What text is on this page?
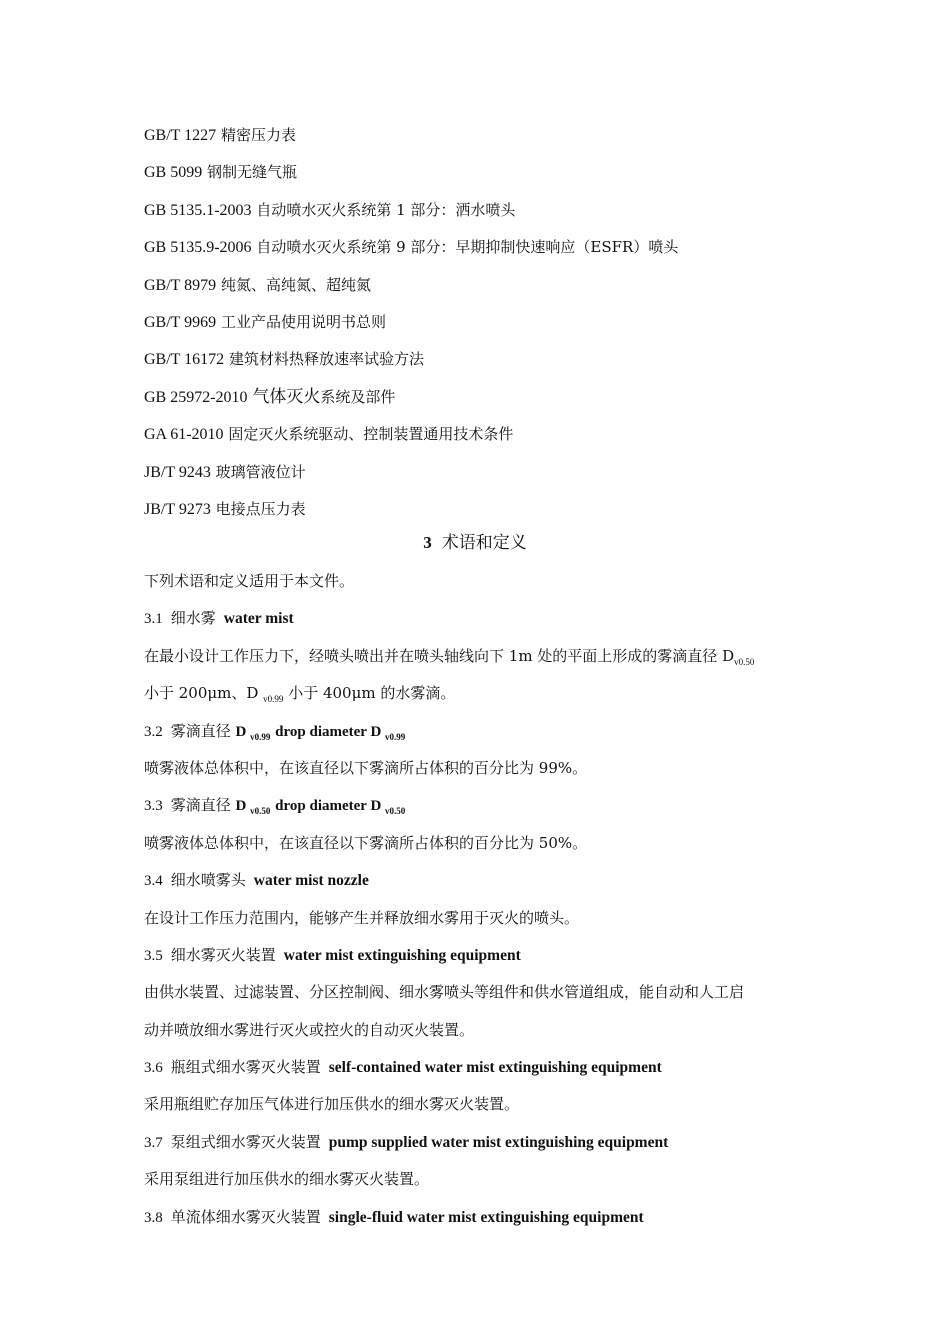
GB/T 1227 精密压力表
GB 5099 钢制无缝气瓶
GB 5135.1-2003 自动喷水灭火系统第 1 部分：洒水喷头
GB 5135.9-2006 自动喷水灭火系统第 9 部分：早期抑制快速响应（ESFR）喷头
GB/T 8979 纯氮、高纯氮、超纯氮
GB/T 9969 工业产品使用说明书总则
GB/T 16172 建筑材料热释放速率试验方法
GB 25972-2010 气体灭火系统及部件
GA 61-2010 固定灭火系统驱动、控制装置通用技术条件
JB/T 9243 玻璃管液位计
JB/T 9273 电接点压力表
3 术语和定义
下列术语和定义适用于本文件。
3.1 细水雾 water mist
在最小设计工作压力下，经喷头喷出并在喷头轴线向下 1m 处的平面上形成的雾滴直径 $D_{v0.50}$
小于 200μm、D $_{v0.99}$ 小于 400μm 的水雾滴。
3.2 雾滴直径 D $_{v0.99}$ drop diameter D $_{v0.99}$
喷雾液体总体积中，在该直径以下雾滴所占体积的百分比为 99%。
3.3 雾滴直径 D $_{v0.50}$ drop diameter D $_{v0.50}$
喷雾液体总体积中，在该直径以下雾滴所占体积的百分比为 50%。
3.4 细水喷雾头 water mist nozzle
在设计工作压力范围内，能够产生并释放细水雾用于灭火的喷头。
3.5 细水雾灭火装置 water mist extinguishing equipment
由供水装置、过滤装置、分区控制阀、细水雾喷头等组件和供水管道组成，能自动和人工启
动并喷放细水雾进行灭火或控火的自动灭火装置。
3.6 瓶组式细水雾灭火装置 self-contained water mist extinguishing equipment
采用瓶组贮存加压气体进行加压供水的细水雾灭火装置。
3.7 泵组式细水雾灭火装置 pump supplied water mist extinguishing equipment
采用泵组进行加压供水的细水雾灭火装置。
3.8 单流体细水雾灭火装置 single-fluid water mist extinguishing equipment
